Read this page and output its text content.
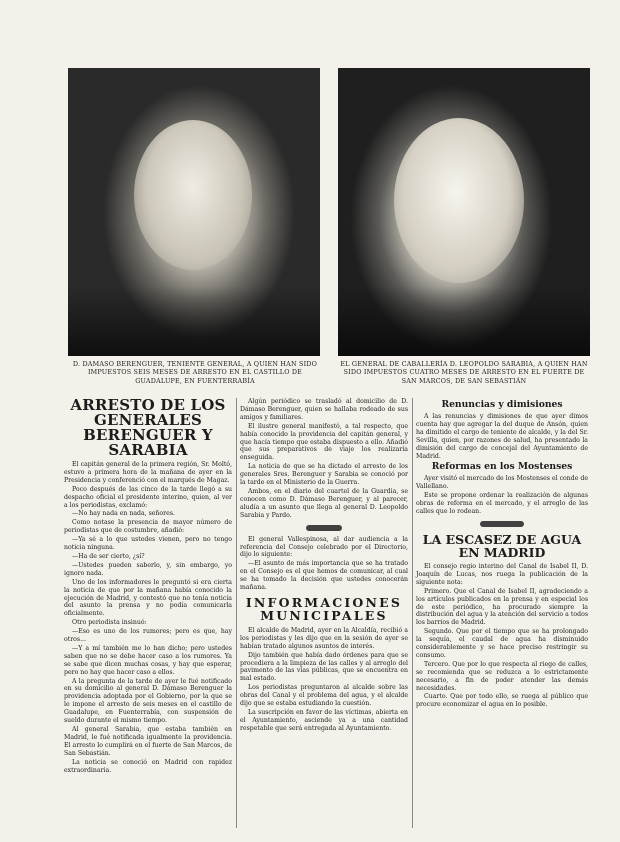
D. DAMASO BERENGUER, TENIENTE GENERAL, A QUIEN HAN SIDO IMPUESTOS SEIS MESES DE ARRESTO EN EL CASTILLO DE GUADALUPE, EN FUENTERRABÍA
EL GENERAL DE CABALLERÍA D. LEOPOLDO SARABIA, A QUIEN HAN SIDO IMPUESTOS CUATRO MESES DE ARRESTO EN EL FUERTE DE SAN MARCOS, DE SAN SEBASTIÁN
ARRESTO DE LOS GENERALES BERENGUER Y SARABIA

El capitán general de la primera región, Sr. Moltó, estuvo a primera hora de la mañana de ayer en la Presidencia y conferenció con el marqués de Magaz.

Poco después de las cinco de la tarde llegó a su despacho oficial el presidente interino, quien, al ver a los periodistas, exclamó:

—No hay nada en nada, señores.

Como notase la presencia de mayor número de periodistas que de costumbre, añadió:

—Ya sé a lo que ustedes vienen, pero no tengo noticia ninguna.

—Ha de ser cierto, ¿sí?

—Ustedes pueden saberlo, y, sin embargo, yo ignoro nada.

Uno de los informadores le preguntó si era cierta la noticia de que por la mañana había conocido la ejecución de Madrid, y contestó que no tenía noticia del asunto la prensa y no podía comunicarla oficialmente.

Otro periodista insinuó:

—Eso es uno de los rumores; pero es que, hay otros...

—Y a mí también me lo han dicho; pero ustedes saben que no se debe hacer caso a los rumores. Ya se sabe que dicen muchas cosas, y hay que esperar, pero no hay que hacer caso a ellos.

A la pregunta de la tarde de ayer le fué notificado en su domicilio al general D. Dámaso Berenguer la providencia adoptada por el Gobierno, por la que se le impone el arresto de seis meses en el castillo de Guadalupe, en Fuenterrabía, con suspensión de sueldo durante el mismo tiempo.

Al general Sarabia, que estaba también en Madrid, le fué notificada igualmente la providencia. El arresto lo cumplirá en el fuerte de San Marcos, de San Sebastián.

La noticia se conoció en Madrid con rapidez extraordinaria.

Algún periódico se trasladó al domicilio de D. Dámaso Berenguer, quien se hallaba rodeado de sus amigos y familiares.

El ilustre general manifestó, a tal respecto, que había conocido la providencia del capitán general, y que hacía tiempo que estaba dispuesto a ello. Añadió que sus preparativos de viaje los realizaría enseguida.

La noticia de que se ha dictado el arresto de los generales Sres. Berenguer y Sarabia se conoció por la tarde en el Ministerio de la Guerra.

Ambos, en el diario del cuartel de la Guardia, se conocen como D. Dámaso Berenguer, y al parecer, aludía a un asunto que llega al general D. Leopoldo Sarabia y Pardo.

El general Vallespinosa, al dar audiencia a la referencia del Consejo celebrado por el Directorio, dijo lo siguiente:

—El asunto de más importancia que se ha tratado en el Consejo es el que hemos de comunicar, al cual se ha tomado la decisión que ustedes conocerán mañana.

INFORMACIONES MUNICIPALES

El alcalde de Madrid, ayer en la Alcaldía, recibió a los periodistas y les dijo que en la sesión de ayer se habían tratado algunos asuntos de interés.

Dijo también que había dado órdenes para que se procediera a la limpieza de las calles y al arreglo del pavimento de las vías públicas, que se encuentra en mal estado.

Los periodistas preguntaron al alcalde sobre las obras del Canal y el problema del agua, y el alcalde dijo que se estaba estudiando la cuestión.

La suscripción en favor de las víctimas, abierta en el Ayuntamiento, asciende ya a una cantidad respetable que será entregada al Ayuntamiento.

Renuncias y dimisiones

A las renuncias y dimisiones de que ayer dimos cuenta hay que agregar la del duque de Ansón, quien ha dimitido el cargo de teniente de alcalde, y la del Sr. Sevilla, quien, por razones de salud, ha presentado la dimisión del cargo de concejal del Ayuntamiento de Madrid.

Reformas en los Mostenses

Ayer visitó el mercado de los Mostenses el conde de Vallellano.

Este se propone ordenar la realización de algunas obras de reforma en el mercado, y el arreglo de las calles que lo rodean.

LA ESCASEZ DE AGUA EN MADRID

El consejo regio interino del Canal de Isabel II, D. Joaquín de Lucas, nos ruega la publicación de la siguiente nota:

Primero. Que el Canal de Isabel II, agradeciendo a los artículos publicados en la prensa y en especial los de este periódico, ha procurado siempre la distribución del agua y la atención del servicio a todos los barrios de Madrid.

Segundo. Que por el tiempo que se ha prolongado la sequía, el caudal de agua ha disminuido considerablemente y se hace preciso restringir su consumo.

Tercero. Que por lo que respecta al riego de calles, se recomienda que se reduzca a lo estrictamente necesario, a fin de poder atender las demás necesidades.

Cuarto. Que por todo ello, se ruega al público que procure economizar el agua en lo posible.
